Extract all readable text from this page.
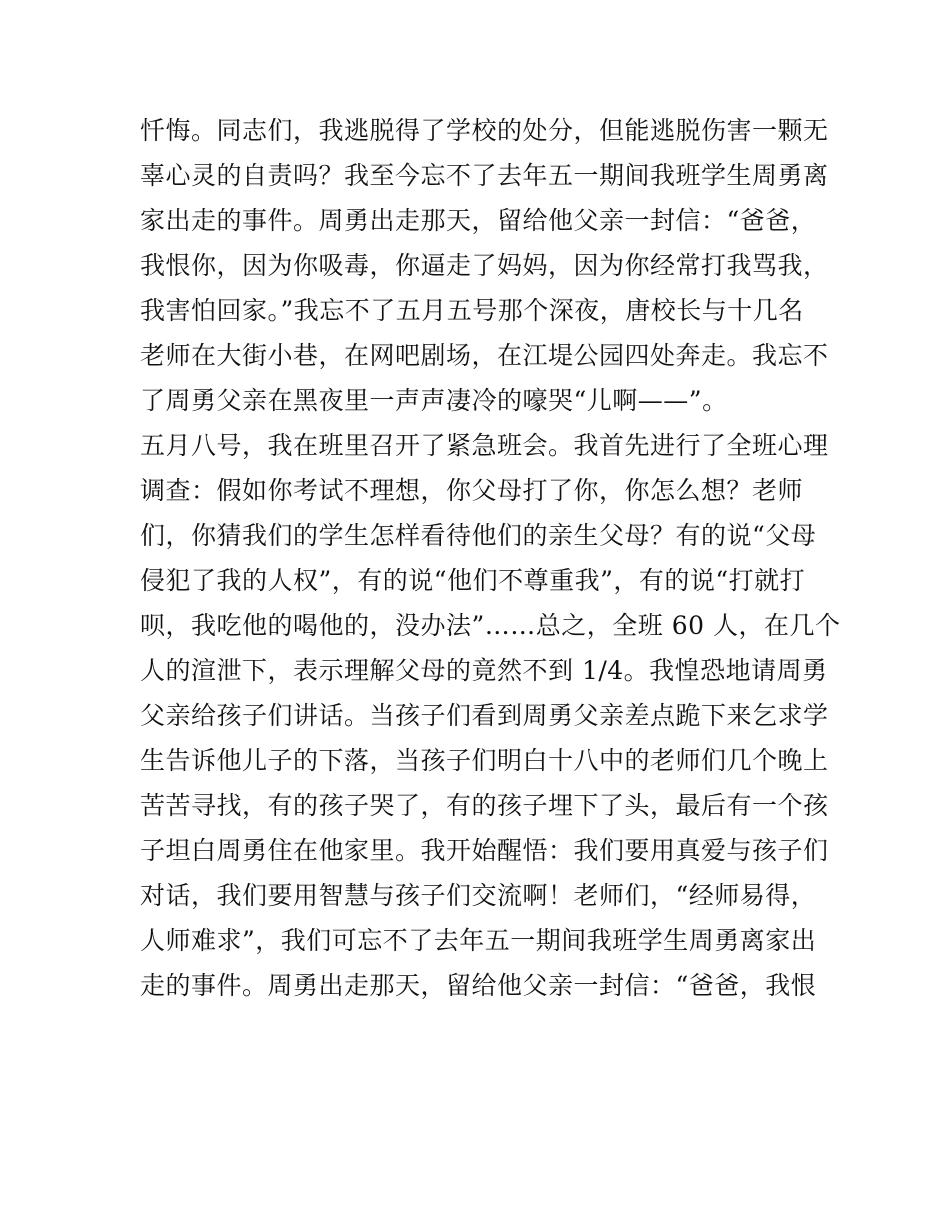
忏悔。同志们，我逃脱得了学校的处分，但能逃脱伤害一颗无
辜心灵的自责吗？我至今忘不了去年五一期间我班学生周勇离
家出走的事件。周勇出走那天，留给他父亲一封信：“爸爸，
我恨你，因为你吸毒，你逼走了妈妈，因为你经常打我骂我，
我害怕回家。”我忘不了五月五号那个深夜，唐校长与十几名
老师在大街小巷，在网吧剧场，在江堤公园四处奔走。我忘不
了周勇父亲在黑夜里一声声凄冷的嚎哭“儿啊——”。
五月八号，我在班里召开了紧急班会。我首先进行了全班心理
调查：假如你考试不理想，你父母打了你，你怎么想？老师
们，你猜我们的学生怎样看待他们的亲生父母？有的说“父母
侵犯了我的人权”，有的说“他们不尊重我”，有的说“打就打
呗，我吃他的喝他的，没办法”……总之，全班 60 人，在几个
人的渲泄下，表示理解父母的竟然不到 1/4。我惶恐地请周勇
父亲给孩子们讲话。当孩子们看到周勇父亲差点跪下来乞求学
生告诉他儿子的下落，当孩子们明白十八中的老师们几个晚上
苦苦寻找，有的孩子哭了，有的孩子埋下了头，最后有一个孩
子坦白周勇住在他家里。我开始醒悟：我们要用真爱与孩子们
对话，我们要用智慧与孩子们交流啊！老师们，“经师易得，
人师难求”，我们可忘不了去年五一期间我班学生周勇离家出
走的事件。周勇出走那天，留给他父亲一封信：“爸爸，我恨
